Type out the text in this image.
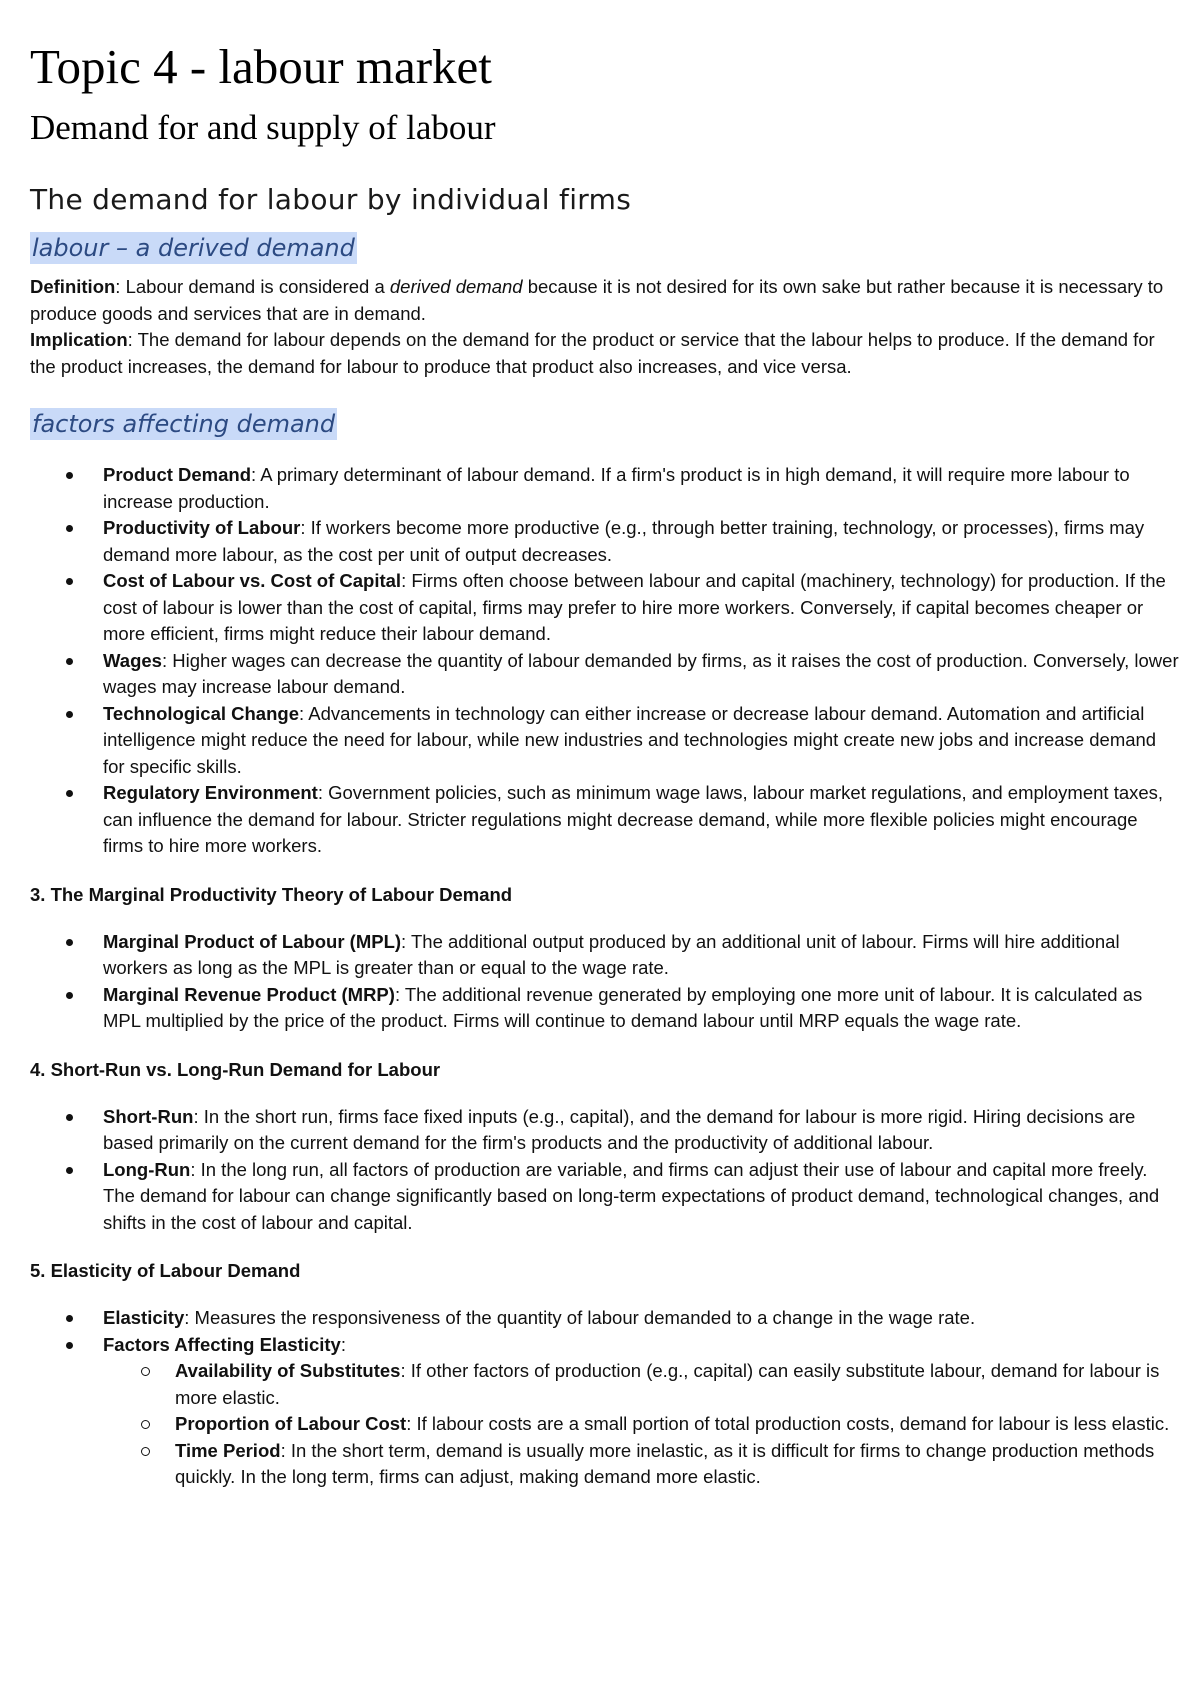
Topic 4 - labour market
Demand for and supply of labour
The demand for labour by individual firms
labour – a derived demand

Definition: Labour demand is considered a derived demand because it is not desired for its own sake but rather because it is necessary to produce goods and services that are in demand.

Implication: The demand for labour depends on the demand for the product or service that the labour helps to produce. If the demand for the product increases, the demand for labour to produce that product also increases, and vice versa.

factors affecting demand
Product Demand: A primary determinant of labour demand. If a firm's product is in high demand, it will require more labour to increase production.
Productivity of Labour: If workers become more productive (e.g., through better training, technology, or processes), firms may demand more labour, as the cost per unit of output decreases.
Cost of Labour vs. Cost of Capital: Firms often choose between labour and capital (machinery, technology) for production. If the cost of labour is lower than the cost of capital, firms may prefer to hire more workers. Conversely, if capital becomes cheaper or more efficient, firms might reduce their labour demand.
Wages: Higher wages can decrease the quantity of labour demanded by firms, as it raises the cost of production. Conversely, lower wages may increase labour demand.
Technological Change: Advancements in technology can either increase or decrease labour demand. Automation and artificial intelligence might reduce the need for labour, while new industries and technologies might create new jobs and increase demand for specific skills.
Regulatory Environment: Government policies, such as minimum wage laws, labour market regulations, and employment taxes, can influence the demand for labour. Stricter regulations might decrease demand, while more flexible policies might encourage firms to hire more workers.

3. The Marginal Productivity Theory of Labour Demand

Marginal Product of Labour (MPL): The additional output produced by an additional unit of labour. Firms will hire additional workers as long as the MPL is greater than or equal to the wage rate.
Marginal Revenue Product (MRP): The additional revenue generated by employing one more unit of labour. It is calculated as MPL multiplied by the price of the product. Firms will continue to demand labour until MRP equals the wage rate.

4. Short-Run vs. Long-Run Demand for Labour

Short-Run: In the short run, firms face fixed inputs (e.g., capital), and the demand for labour is more rigid. Hiring decisions are based primarily on the current demand for the firm's products and the productivity of additional labour.
Long-Run: In the long run, all factors of production are variable, and firms can adjust their use of labour and capital more freely. The demand for labour can change significantly based on long-term expectations of product demand, technological changes, and shifts in the cost of labour and capital.

5. Elasticity of Labour Demand

Elasticity: Measures the responsiveness of the quantity of labour demanded to a change in the wage rate.
Factors Affecting Elasticity:
Availability of Substitutes: If other factors of production (e.g., capital) can easily substitute labour, demand for labour is more elastic.
Proportion of Labour Cost: If labour costs are a small portion of total production costs, demand for labour is less elastic.
Time Period: In the short term, demand is usually more inelastic, as it is difficult for firms to change production methods quickly. In the long term, firms can adjust, making demand more elastic.
